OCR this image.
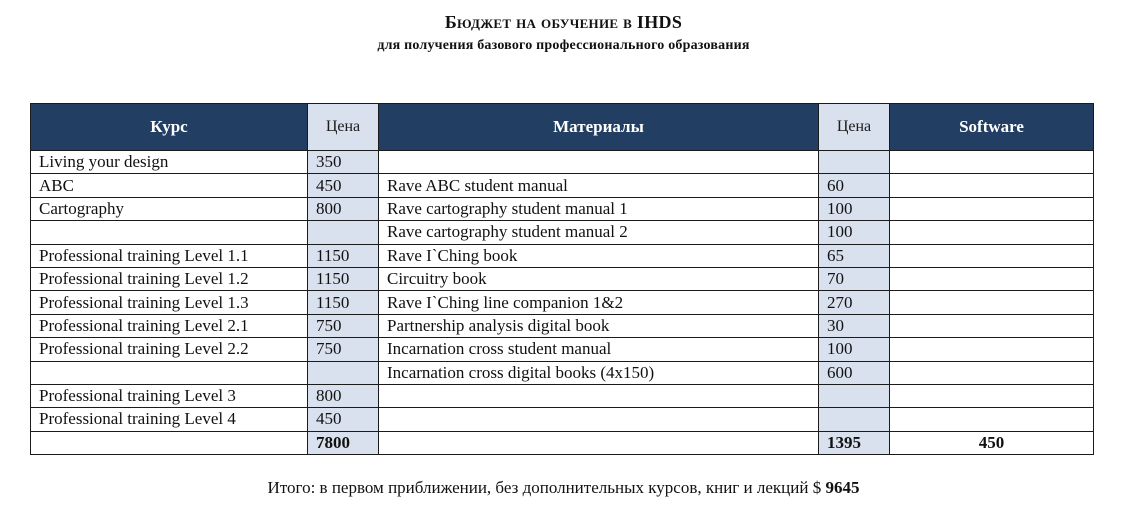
Бюджет на обучение в IHDS
для получения базового профессионального образования
Курс	Цена	Материалы	Цена	Software
Living your design	350			
ABC	450	Rave ABC student manual	60	
Cartography	800	Rave cartography student manual 1	100	
		Rave cartography student manual 2	100	
Professional training Level 1.1	1150	Rave I`Ching book	65	
Professional training Level 1.2	1150	Circuitry book	70	
Professional training Level 1.3	1150	Rave I`Ching line companion 1&2	270	
Professional training Level 2.1	750	Partnership analysis digital book	30	
Professional training Level 2.2	750	Incarnation cross student manual	100	
		Incarnation cross digital books (4x150)	600	
Professional training Level 3	800			
Professional training Level 4	450			
	7800		1395	450
Итого: в первом приближении, без дополнительных курсов, книг и лекций $ 9645
